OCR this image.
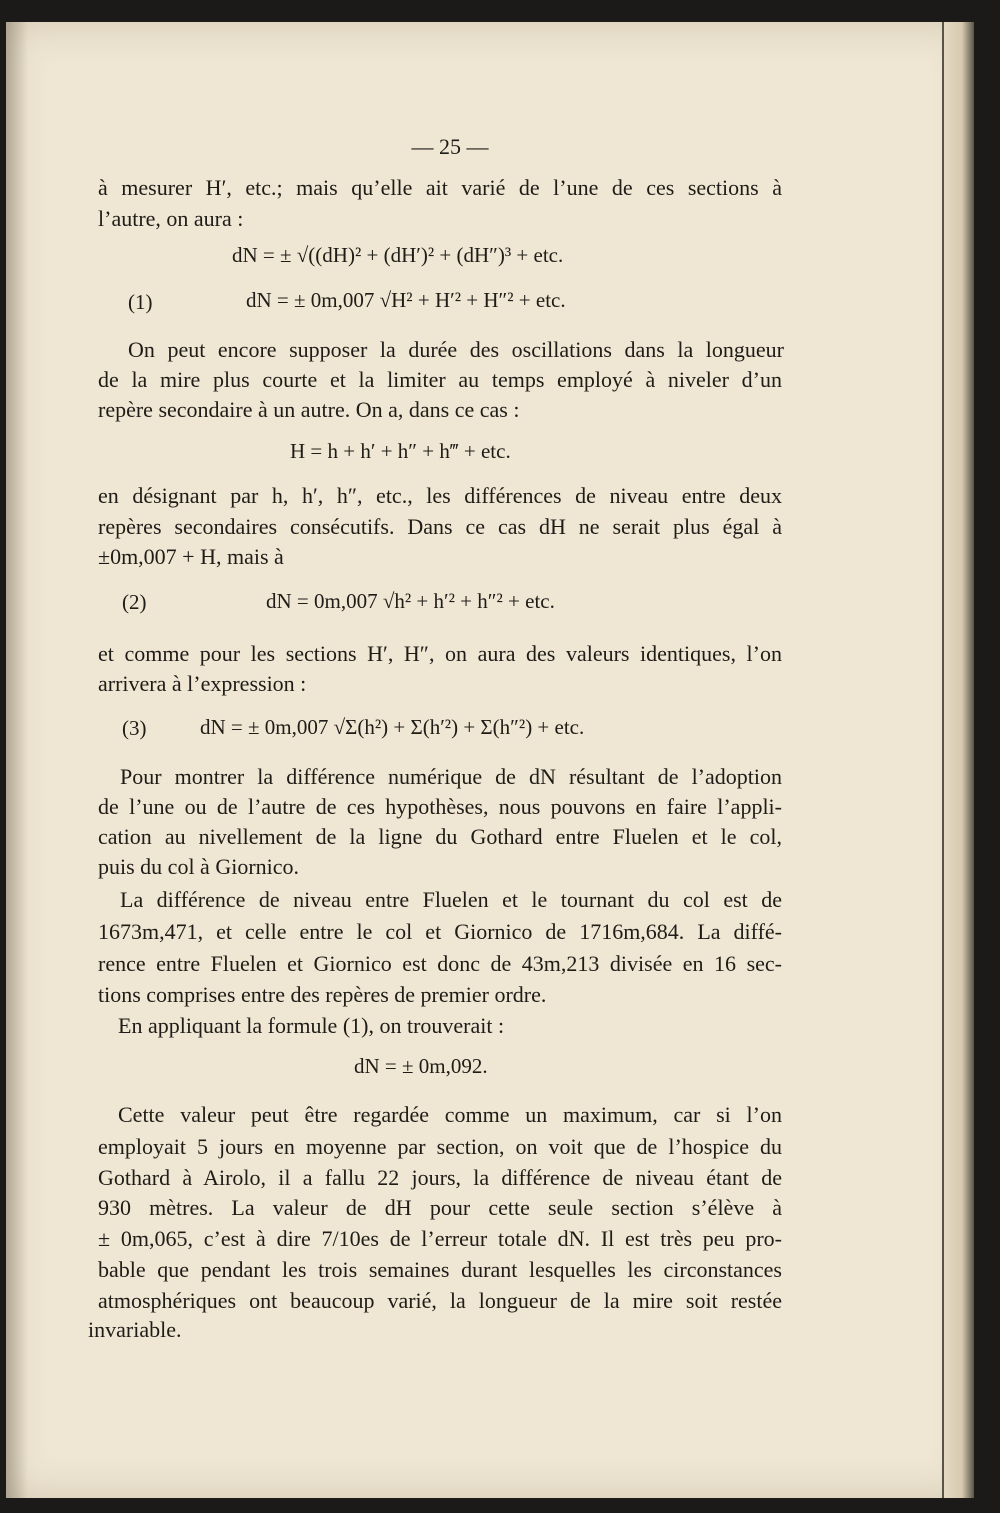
— 25 —
à mesurer H′, etc.; mais qu’elle ait varié de l’une de ces sections à
l’autre, on aura :
dN = ± √((dH)² + (dH′)² + (dH″)³ + etc.
(1)	dN = ± 0m,007 √H² + H′² + H″² + etc.
On peut encore supposer la durée des oscillations dans la longueur
de la mire plus courte et la limiter au temps employé à niveler d’un
repère secondaire à un autre. On a, dans ce cas :
H = h + h′ + h″ + h‴ + etc.
en désignant par h, h′, h″, etc., les différences de niveau entre deux
repères secondaires consécutifs. Dans ce cas dH ne serait plus égal à
±0m,007 + H, mais à
(2)	dN = 0m,007 √h² + h′² + h″² + etc.
et comme pour les sections H′, H″, on aura des valeurs identiques, l’on
arrivera à l’expression :
(3)	dN = ± 0m,007 √Σ(h²) + Σ(h′²) + Σ(h″²) + etc.
Pour montrer la différence numérique de dN résultant de l’adoption
de l’une ou de l’autre de ces hypothèses, nous pouvons en faire l’appli-
cation au nivellement de la ligne du Gothard entre Fluelen et le col,
puis du col à Giornico.
La différence de niveau entre Fluelen et le tournant du col est de
1673m,471, et celle entre le col et Giornico de 1716m,684. La diffé-
rence entre Fluelen et Giornico est donc de 43m,213 divisée en 16 sec-
tions comprises entre des repères de premier ordre.
En appliquant la formule (1), on trouverait :
dN = ± 0m,092.
Cette valeur peut être regardée comme un maximum, car si l’on
employait 5 jours en moyenne par section, on voit que de l’hospice du
Gothard à Airolo, il a fallu 22 jours, la différence de niveau étant de
930 mètres. La valeur de dH pour cette seule section s’élève à
± 0m,065, c’est à dire 7/10es de l’erreur totale dN. Il est très peu pro-
bable que pendant les trois semaines durant lesquelles les circonstances
atmosphériques ont beaucoup varié, la longueur de la mire soit restée
invariable.
